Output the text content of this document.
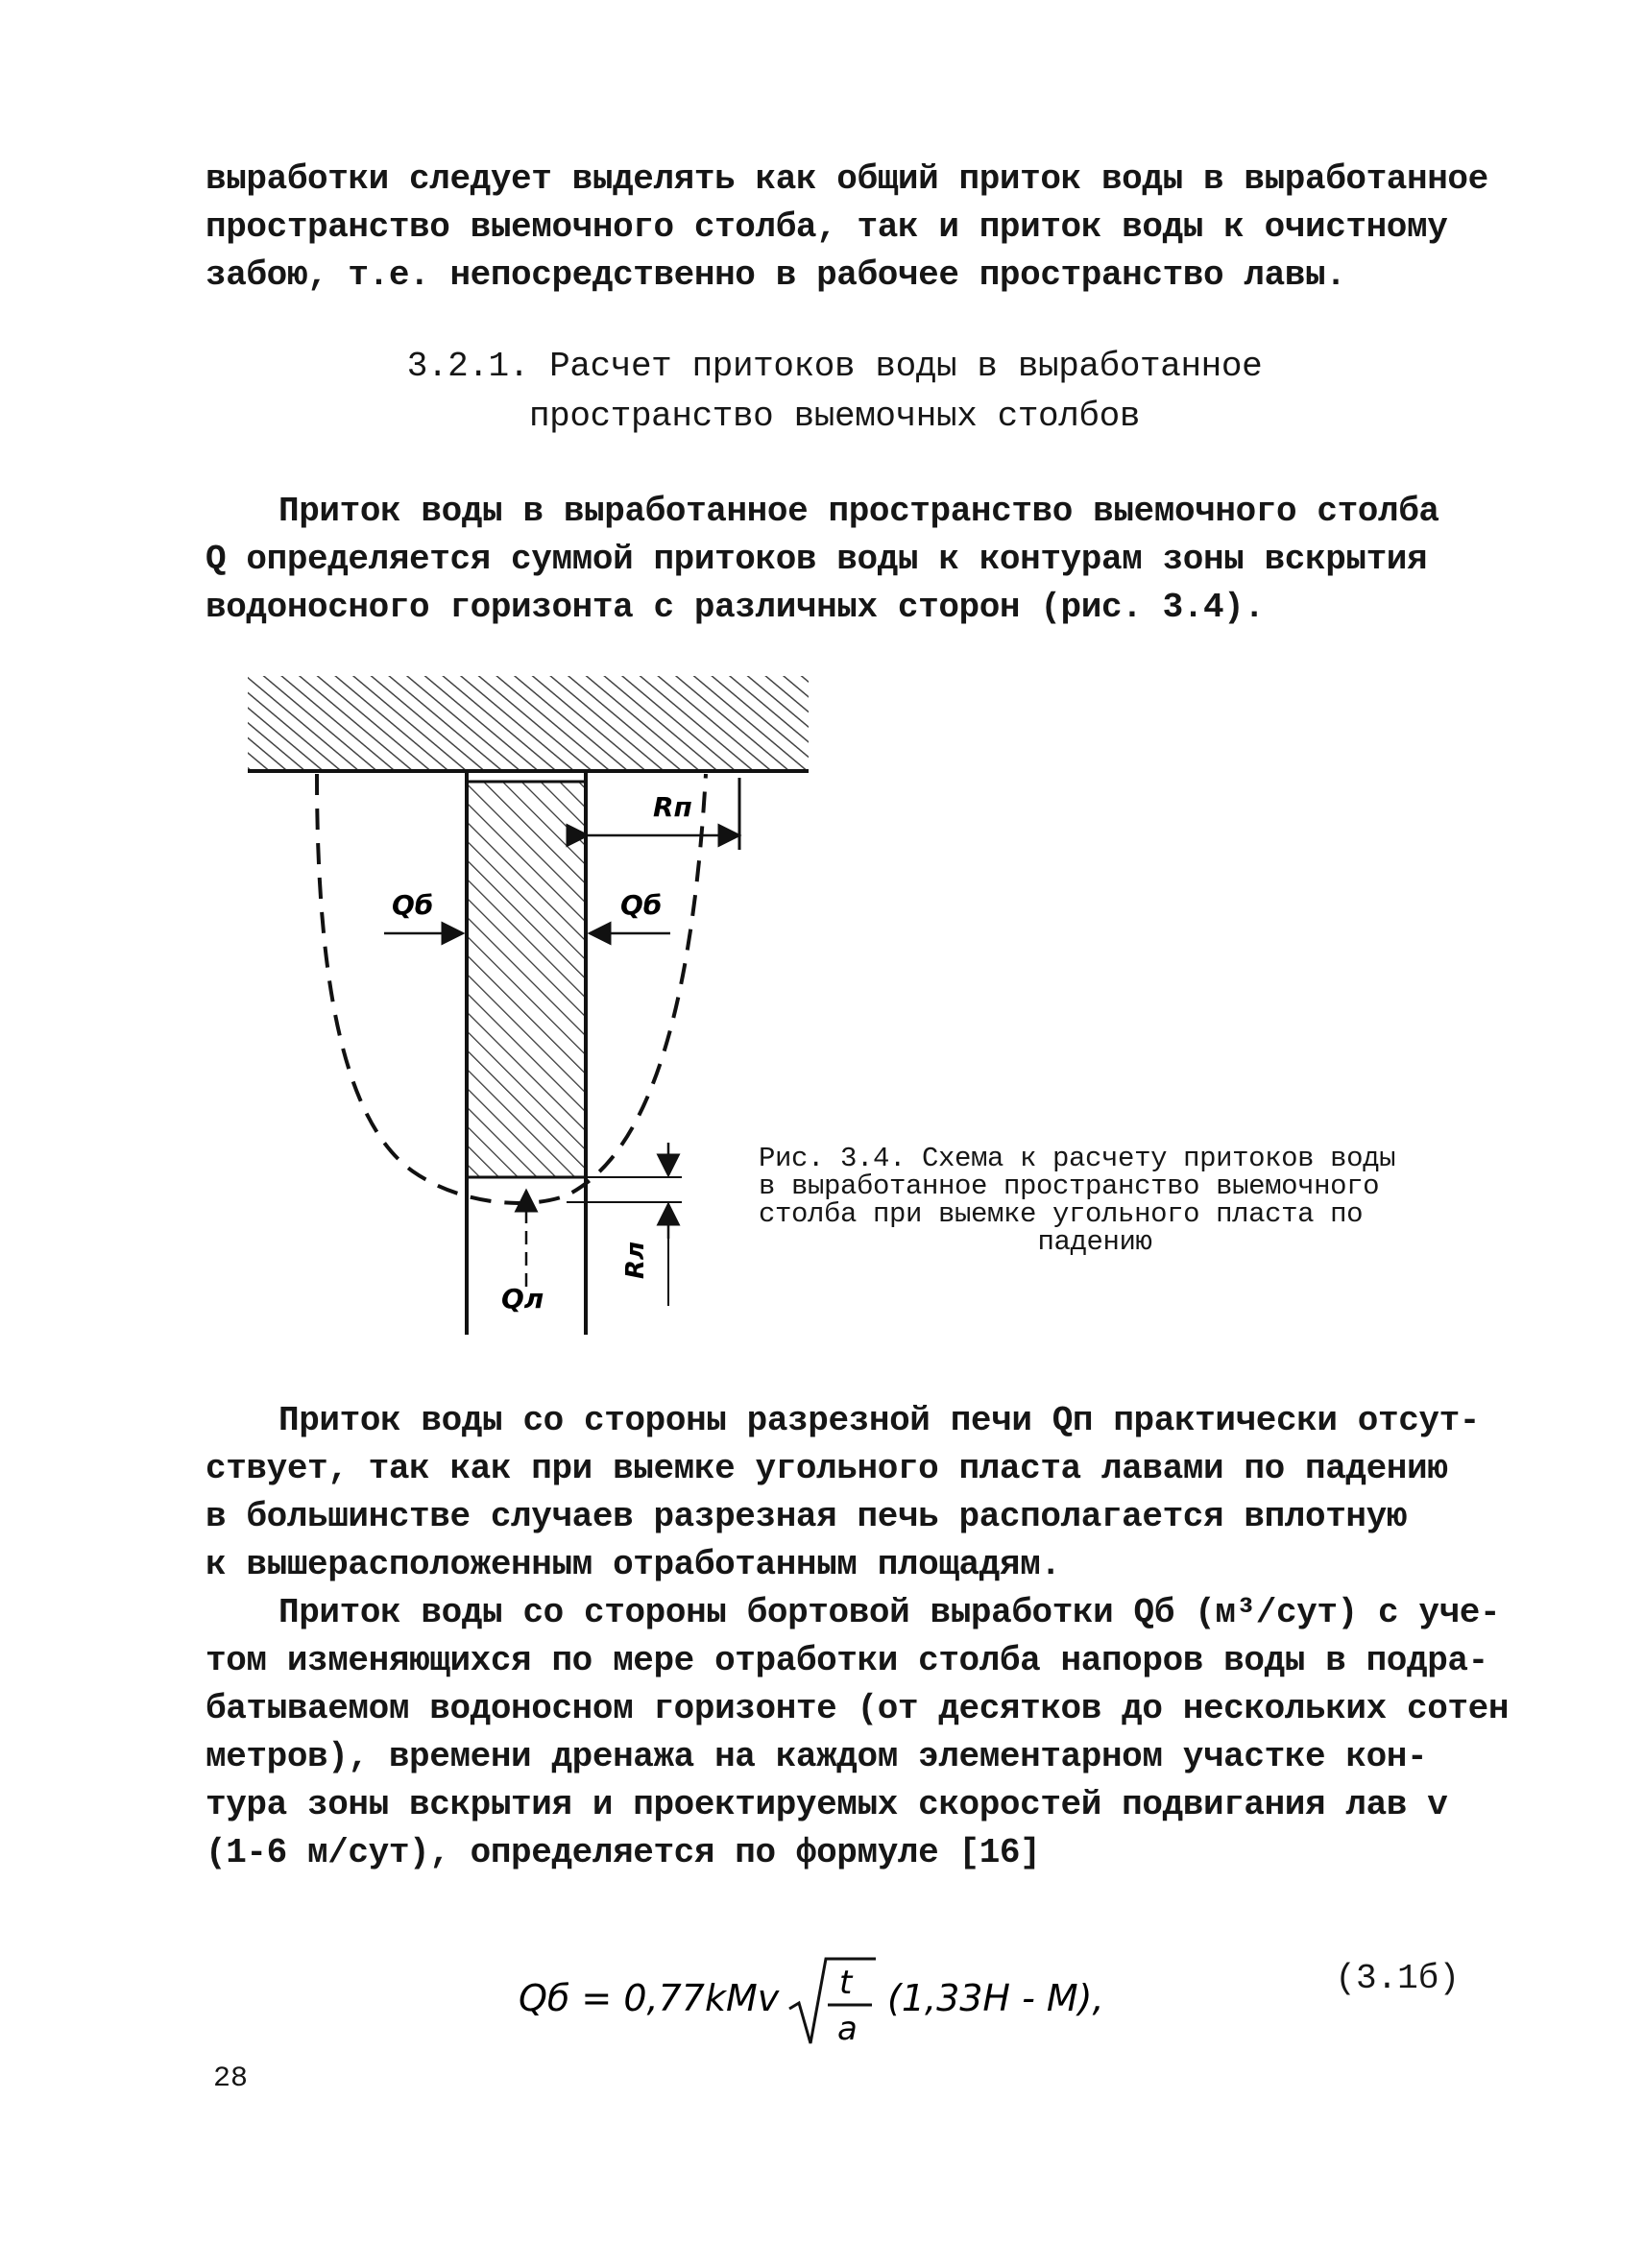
выработки следует выделять как общий приток воды в выработанное
пространство выемочного столба, так и приток воды к очистному
забою, т.е. непосредственно в рабочее пространство лавы.

3.2.1. Расчет притоков воды в выработанное
пространство выемочных столбов

Приток воды в выработанное пространство выемочного столба
Q определяется суммой притоков воды к контурам зоны вскрытия
водоносного горизонта с различных сторон (рис. 3.4).

Rп
Qб	Qб
Qл
Rл

Рис. 3.4. Схема к расчету притоков воды
в выработанное пространство выемочного
столба при выемке угольного пласта по
падению

Приток воды со стороны разрезной печи Qп практически отсут-
ствует, так как при выемке угольного пласта лавами по падению
в большинстве случаев разрезная печь располагается вплотную
к вышерасположенным отработанным площадям.

Приток воды со стороны бортовой выработки Qб (м³/сут) с уче-
том изменяющихся по мере отработки столба напоров воды в подра-
батываемом водоносном горизонте (от десятков до нескольких сотен
метров), времени дренажа на каждом элементарном участке кон-
тура зоны вскрытия и проектируемых скоростей подвигания лав v
(1-6 м/сут), определяется по формуле [16]

Qб = 0,77kMv t
a
(1,33H - M),	(3.1б)
28
